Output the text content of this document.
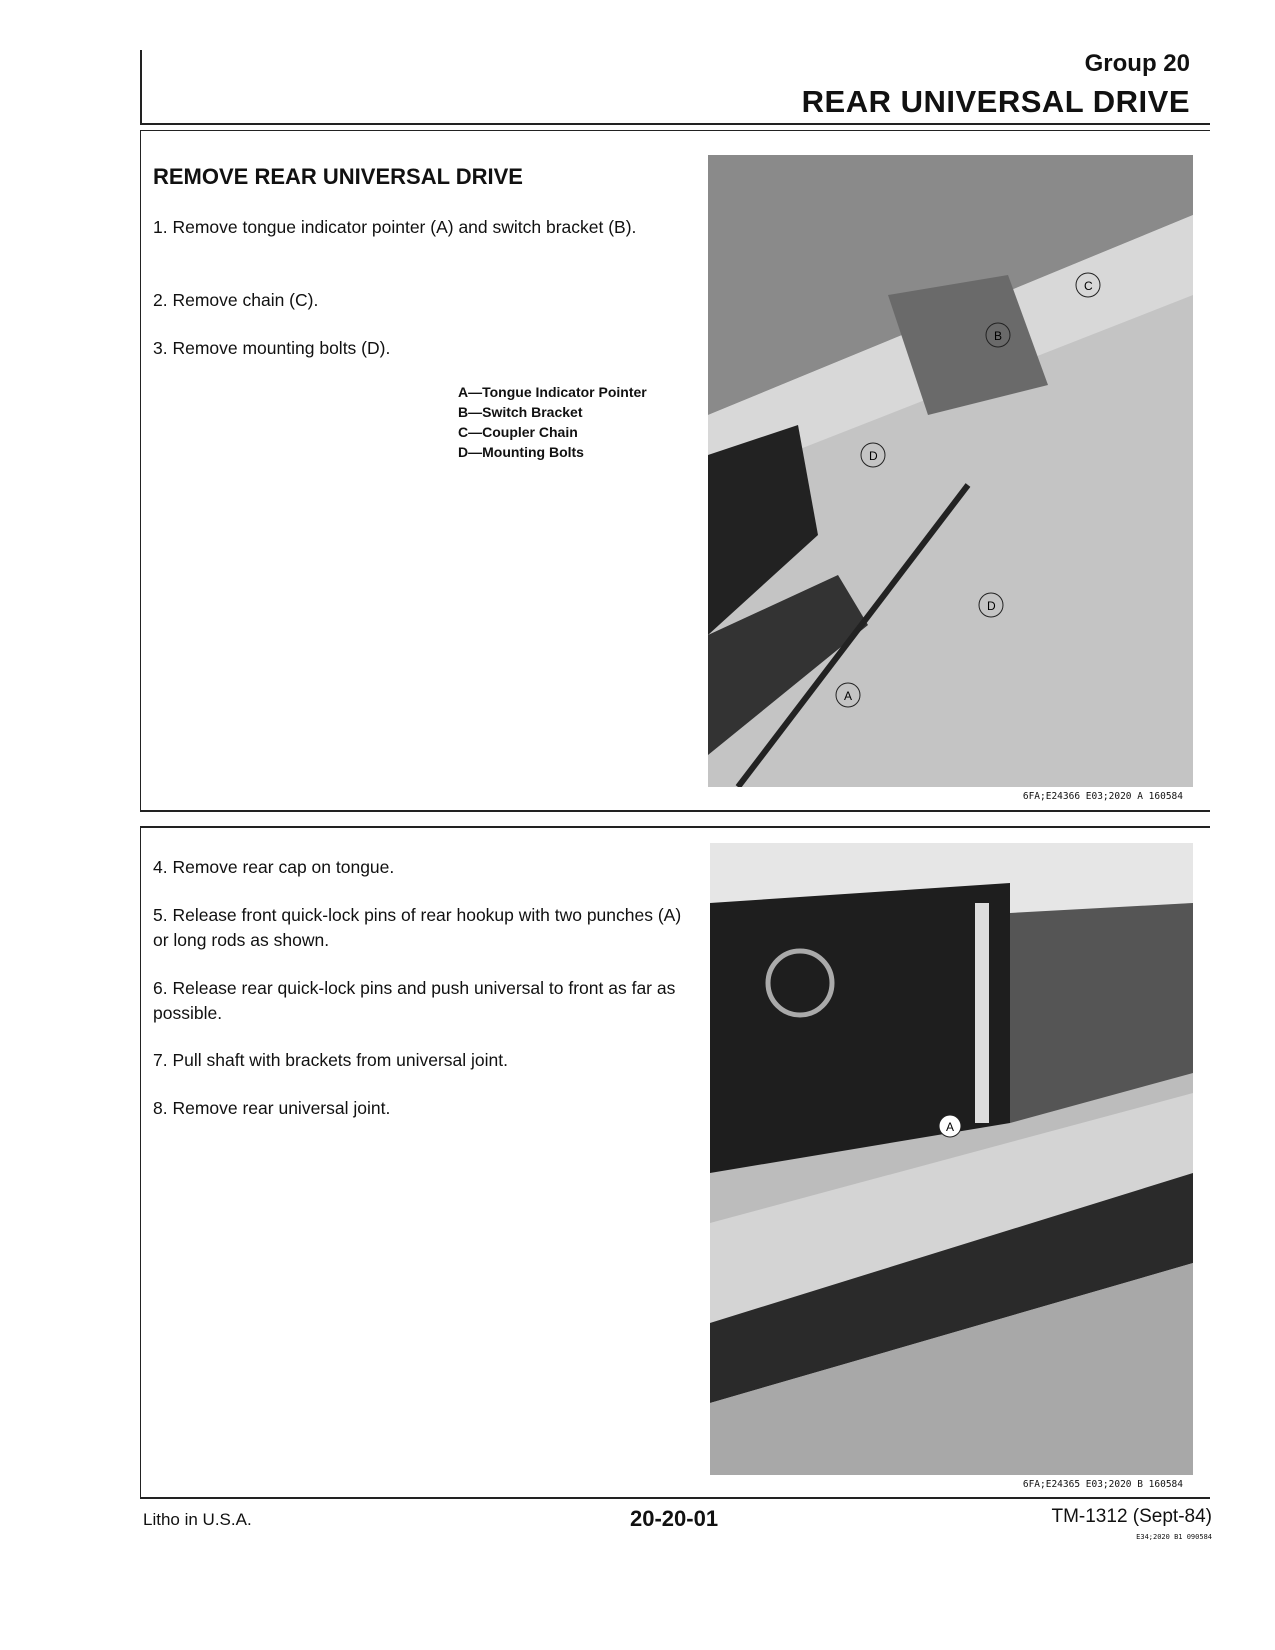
Group 20
REAR UNIVERSAL DRIVE
REMOVE REAR UNIVERSAL DRIVE
1. Remove tongue indicator pointer (A) and switch bracket (B).
2. Remove chain (C).
3. Remove mounting bolts (D).
A—Tongue Indicator Pointer
B—Switch Bracket
C—Coupler Chain
D—Mounting Bolts
C
B
D
D
A
6FA;E24366 E03;2020 A 160584
4. Remove rear cap on tongue.
5. Release front quick-lock pins of rear hookup with two punches (A) or long rods as shown.
6. Release rear quick-lock pins and push universal to front as far as possible.
7. Pull shaft with brackets from universal joint.
8. Remove rear universal joint.
A
6FA;E24365 E03;2020 B 160584
Litho in U.S.A.	20-20-01	TM-1312 (Sept-84)
E34;2020 B1 090584
